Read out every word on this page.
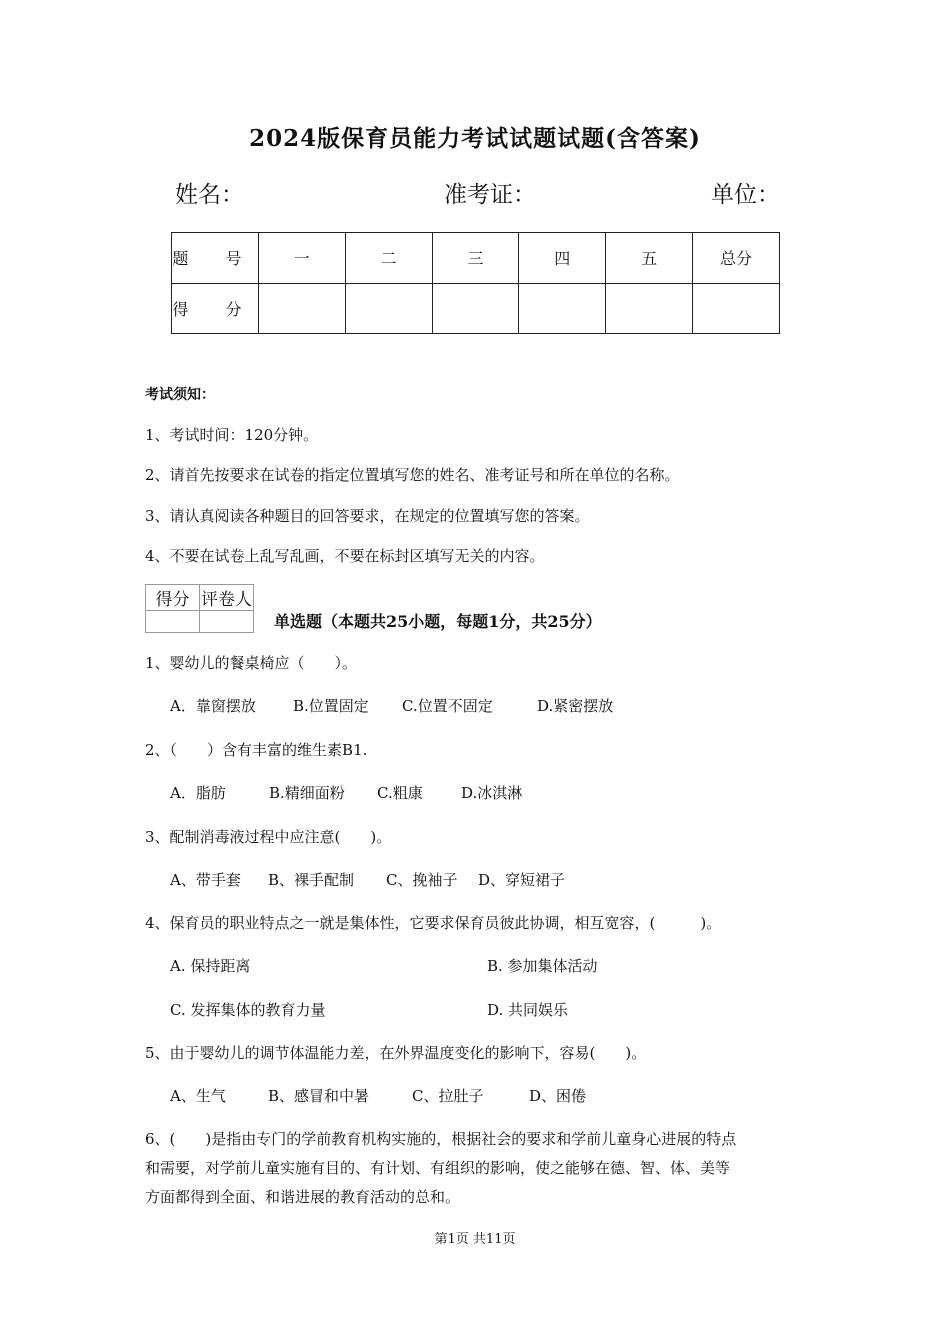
2024版保育员能力考试试题试题(含答案)
姓名：	准考证：	单位：
题 号	一	二	三	四	五	总分
得 分						
考试须知：
1、考试时间：120分钟。
2、请首先按要求在试卷的指定位置填写您的姓名、准考证号和所在单位的名称。
3、请认真阅读各种题目的回答要求，在规定的位置填写您的答案。
4、不要在试卷上乱写乱画，不要在标封区填写无关的内容。
得分	评卷人

单选题（本题共25小题，每题1分，共25分）
1、婴幼儿的餐桌椅应（　　）。
A．靠窗摆放 B.位置固定 C.位置不固定	D.紧密摆放
2、（　　）含有丰富的维生素B1.
A．脂肪	B.精细面粉 C.粗康	D.冰淇淋
3、配制消毒液过程中应注意(　　)。
A、带手套 B、裸手配制 C、挽袖子 D、穿短裙子
4、保育员的职业特点之一就是集体性，它要求保育员彼此协调，相互宽容，(　　　)。
A. 保持距离	B. 参加集体活动
C. 发挥集体的教育力量	D. 共同娱乐
5、由于婴幼儿的调节体温能力差，在外界温度变化的影响下，容易(　　)。
A、生气	B、感冒和中暑	C、拉肚子	D、困倦
6、(　　)是指由专门的学前教育机构实施的，根据社会的要求和学前儿童身心进展的特点
和需要，对学前儿童实施有目的、有计划、有组织的影响，使之能够在德、智、体、美等
方面都得到全面、和谐进展的教育活动的总和。
第1页 共11页
